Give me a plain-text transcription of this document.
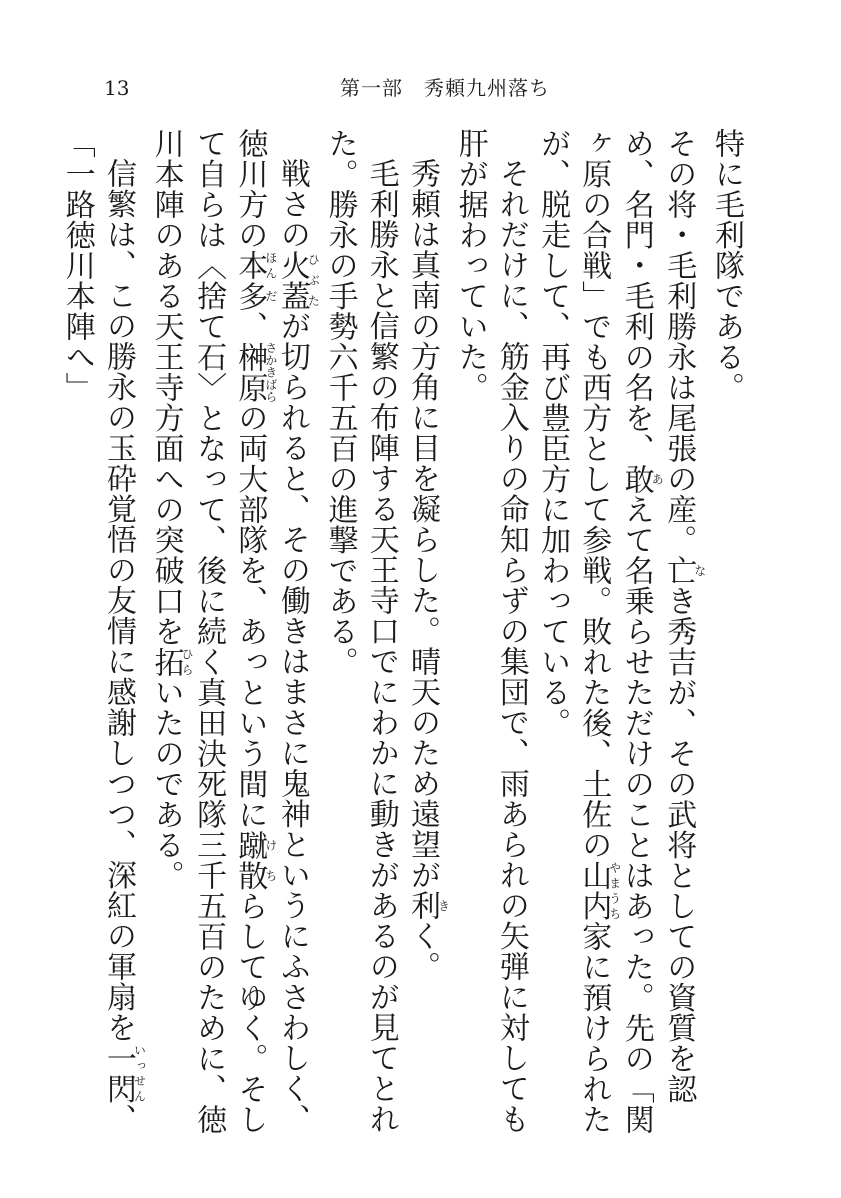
13	第一部　秀頼九州落ち

特に毛利隊である。

その将・毛利勝永は尾張の産。亡なき秀吉が、その武将としての資質を認め、名門・毛利の名を、敢あえて名乗らせただけのことはあった。先の「関ヶ原の合戦」でも西方として参戦。敗れた後、土佐の山内やまうち家に預けられたが、脱走して、再び豊臣方に加わっている。

それだけに、筋金入りの命知らずの集団で、雨あられの矢弾に対しても肝が据わっていた。

秀頼は真南の方角に目を凝らした。晴天のため遠望が利きく。

毛利勝永と信繁の布陣する天王寺口でにわかに動きがあるのが見てとれた。勝永の手勢六千五百の進撃である。

戦さの火蓋ひぶたが切られると、その働きはまさに鬼神というにふさわしく、徳川方の本ほん多だ、榊原さかきばらの両大部隊を、あっという間に蹴散けちらしてゆく。そして自らは〈捨て石〉となって、後に続く真田決死隊三千五百のために、徳川本陣のある天王寺方面への突破口を拓ひらいたのである。

信繁は、この勝永の玉砕覚悟の友情に感謝しつつ、深紅の軍扇を一閃いっせん、

「一路徳川本陣へ」
